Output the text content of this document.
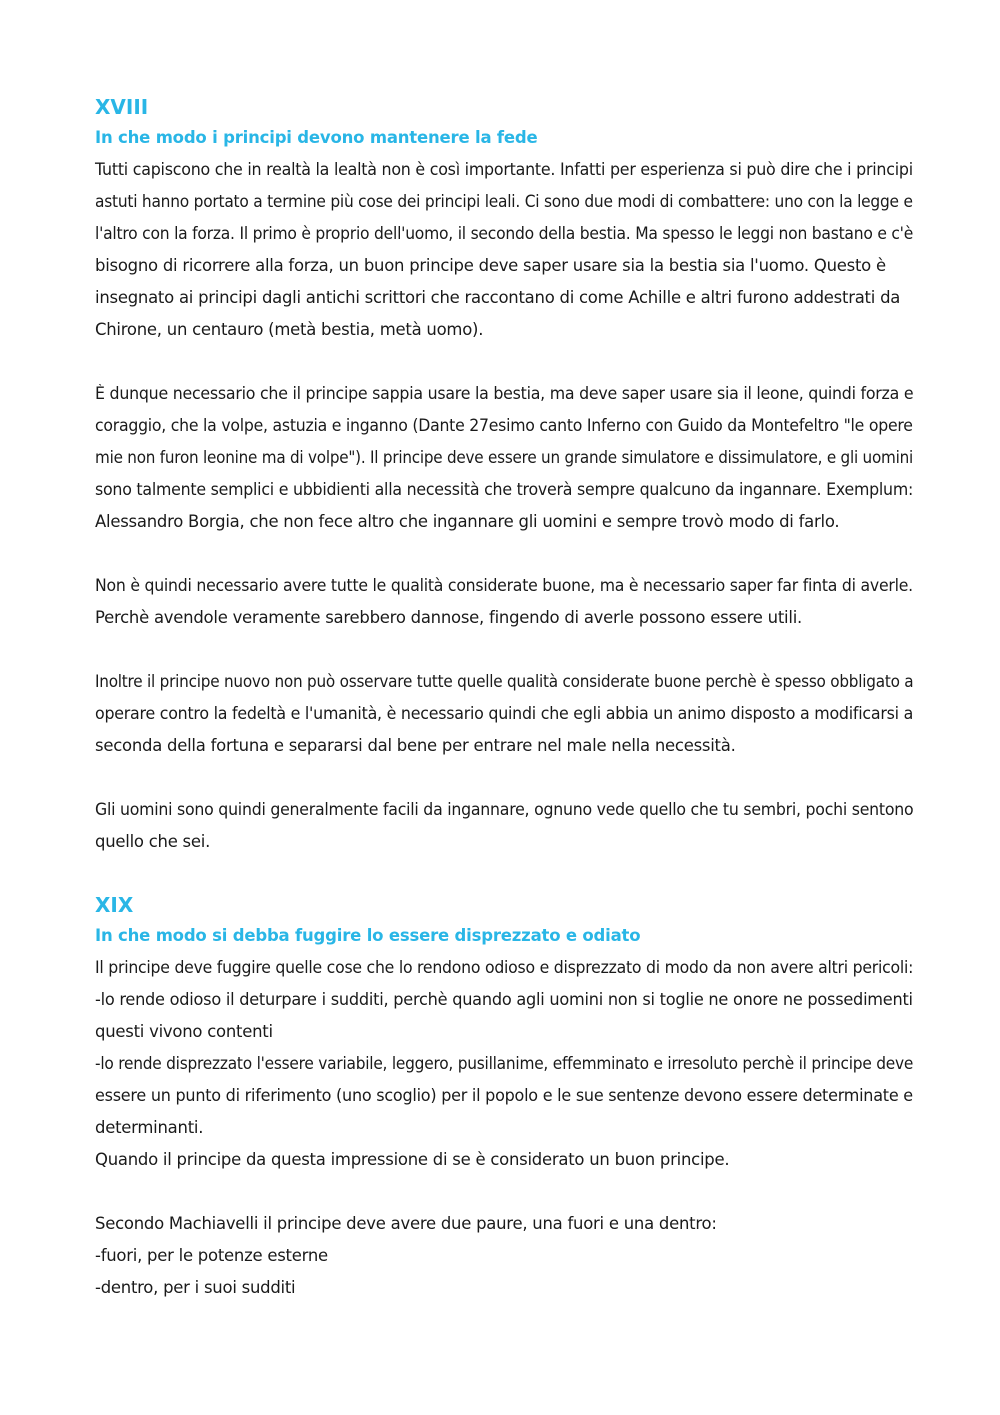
XVIII
In che modo i principi devono mantenere la fede

Tutti capiscono che in realtà la lealtà non è così importante. Infatti per esperienza si può dire che i principi
astuti hanno portato a termine più cose dei principi leali. Ci sono due modi di combattere: uno con la legge e
l'altro con la forza. Il primo è proprio dell'uomo, il secondo della bestia. Ma spesso le leggi non bastano e c'è
bisogno di ricorrere alla forza, un buon principe deve saper usare sia la bestia sia l'uomo. Questo è
insegnato ai principi dagli antichi scrittori che raccontano di come Achille e altri furono addestrati da
Chirone, un centauro (metà bestia, metà uomo).

È dunque necessario che il principe sappia usare la bestia, ma deve saper usare sia il leone, quindi forza e
coraggio, che la volpe, astuzia e inganno (Dante 27esimo canto Inferno con Guido da Montefeltro "le opere
mie non furon leonine ma di volpe"). Il principe deve essere un grande simulatore e dissimulatore, e gli uomini
sono talmente semplici e ubbidienti alla necessità che troverà sempre qualcuno da ingannare. Exemplum:
Alessandro Borgia, che non fece altro che ingannare gli uomini e sempre trovò modo di farlo.

Non è quindi necessario avere tutte le qualità considerate buone, ma è necessario saper far finta di averle.
Perchè avendole veramente sarebbero dannose, fingendo di averle possono essere utili.

Inoltre il principe nuovo non può osservare tutte quelle qualità considerate buone perchè è spesso obbligato a
operare contro la fedeltà e l'umanità, è necessario quindi che egli abbia un animo disposto a modificarsi a
seconda della fortuna e separarsi dal bene per entrare nel male nella necessità.

Gli uomini sono quindi generalmente facili da ingannare, ognuno vede quello che tu sembri, pochi sentono
quello che sei.

XIX
In che modo si debba fuggire lo essere disprezzato e odiato

Il principe deve fuggire quelle cose che lo rendono odioso e disprezzato di modo da non avere altri pericoli:
-lo rende odioso il deturpare i sudditi, perchè quando agli uomini non si toglie ne onore ne possedimenti
questi vivono contenti
-lo rende disprezzato l'essere variabile, leggero, pusillanime, effemminato e irresoluto perchè il principe deve
essere un punto di riferimento (uno scoglio) per il popolo e le sue sentenze devono essere determinate e
determinanti.
Quando il principe da questa impressione di se è considerato un buon principe.

Secondo Machiavelli il principe deve avere due paure, una fuori e una dentro:
-fuori, per le potenze esterne
-dentro, per i suoi sudditi
